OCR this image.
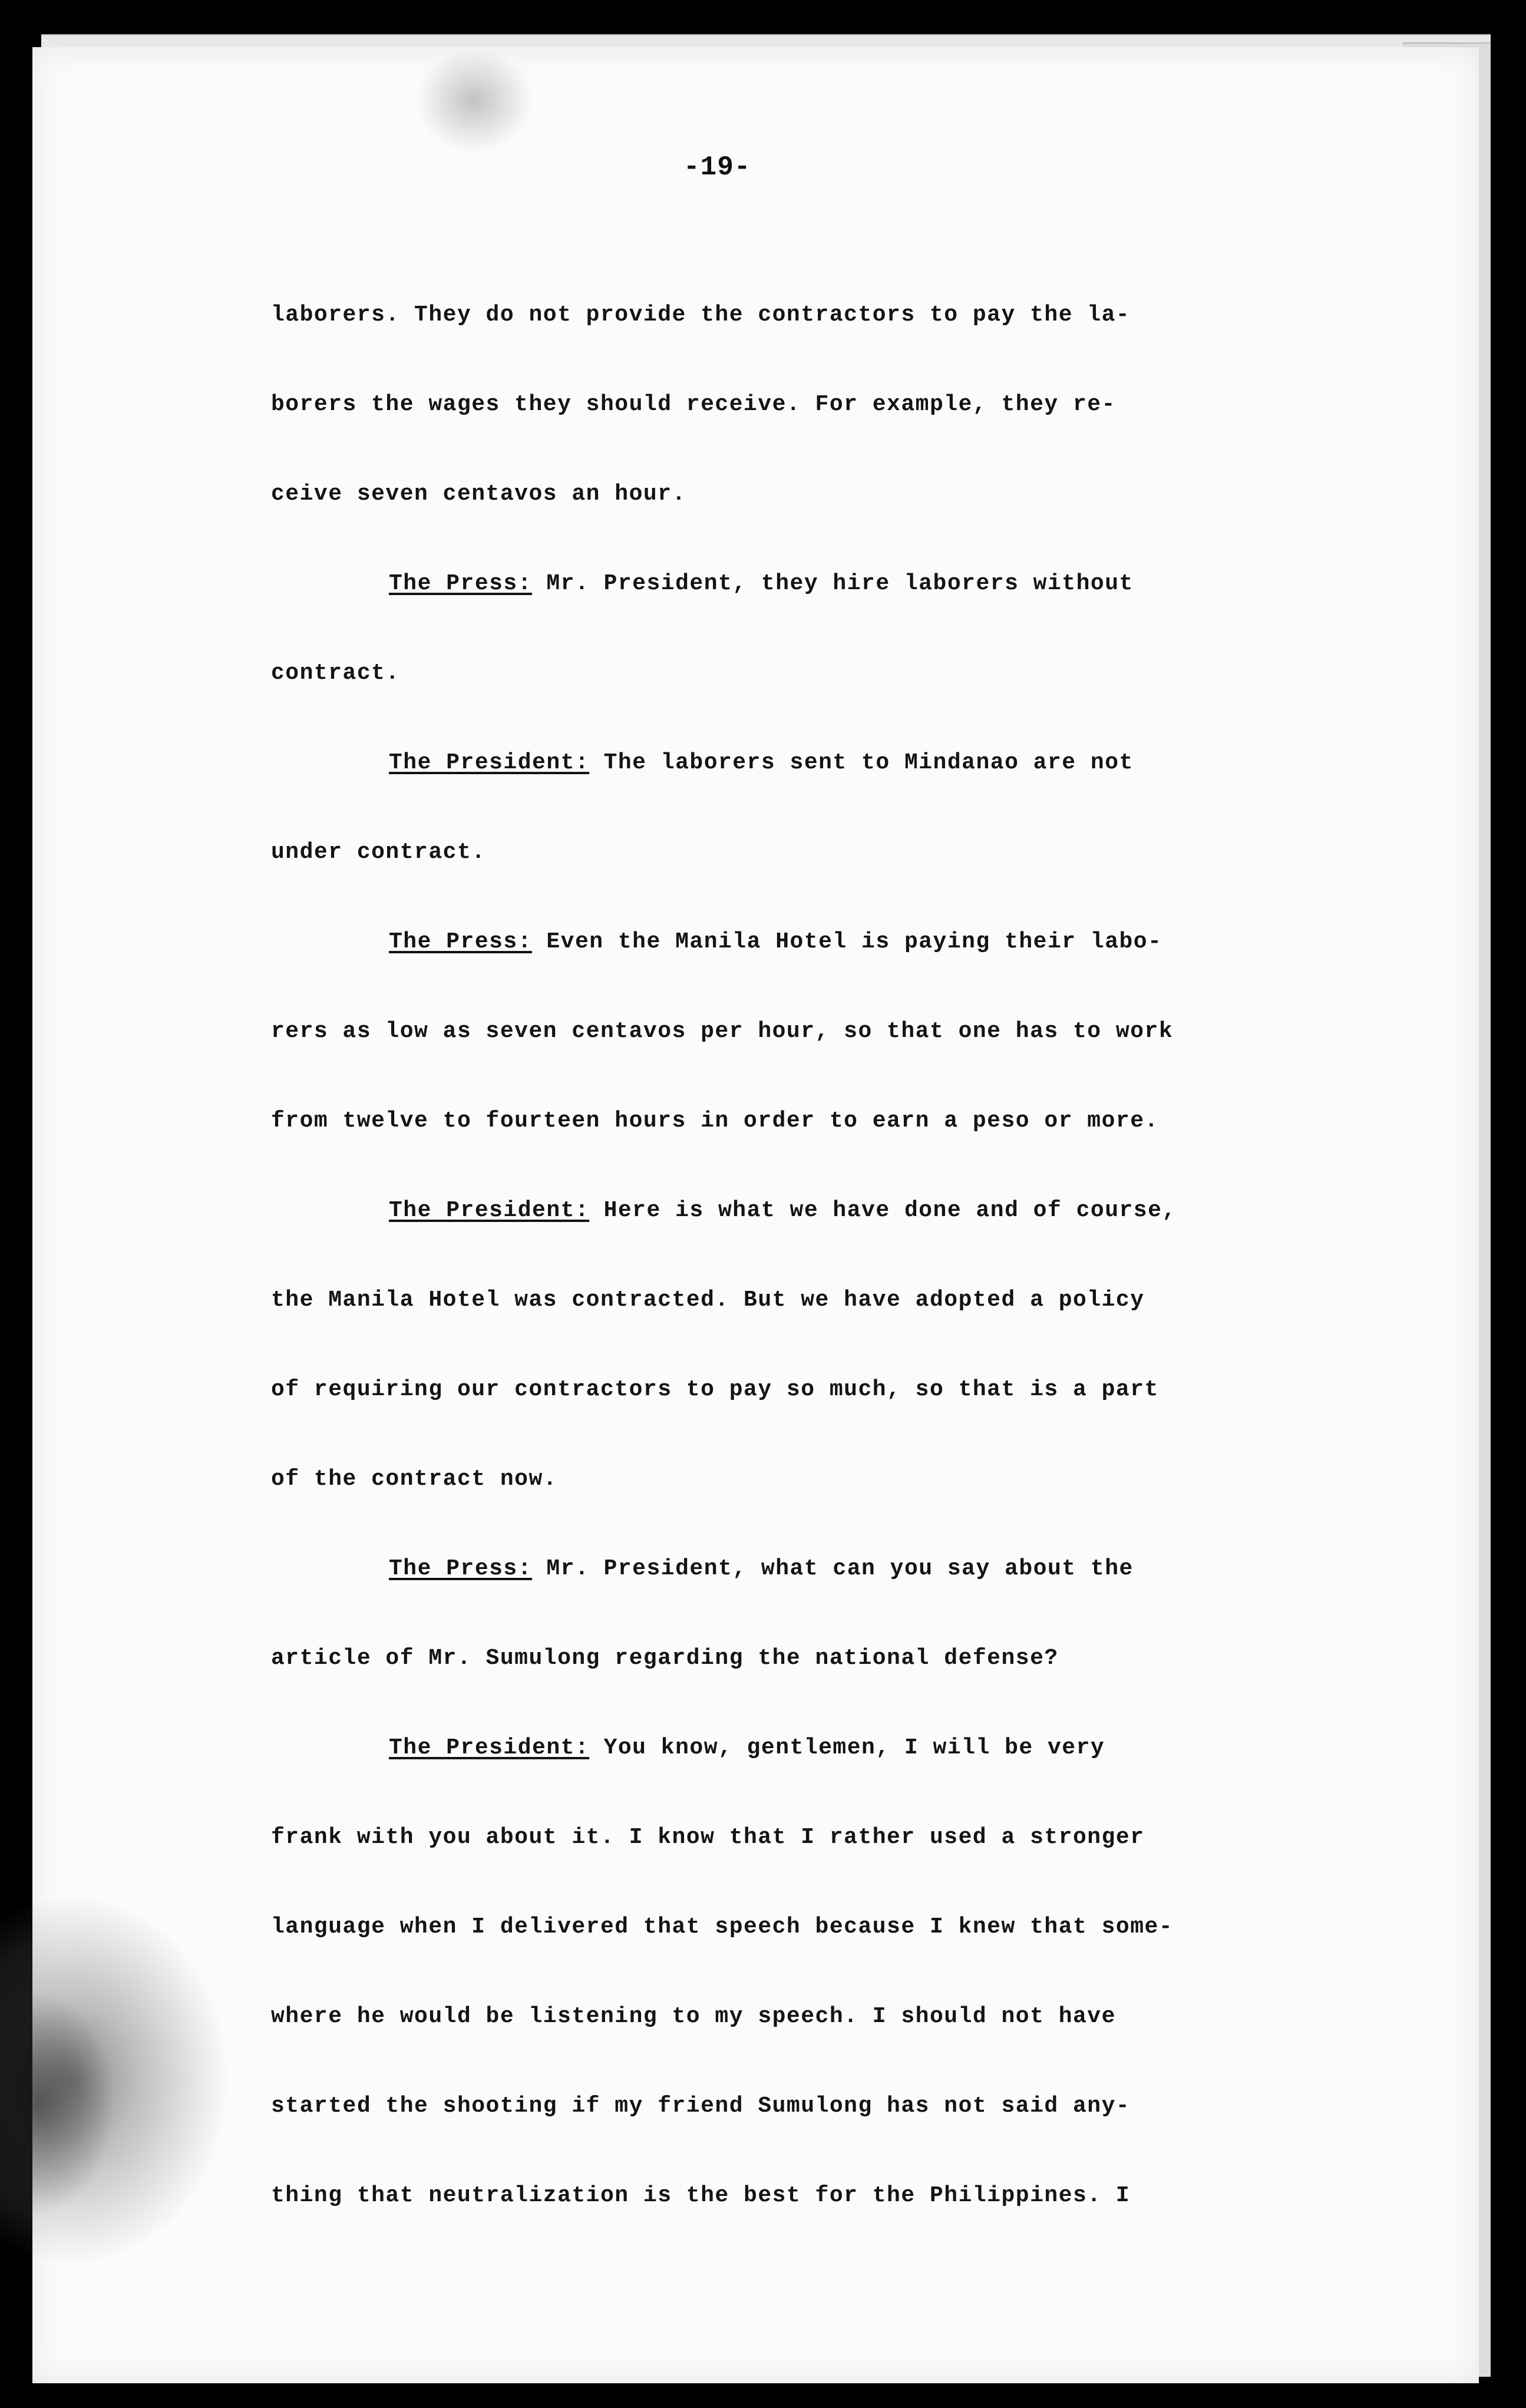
-19-
laborers. They do not provide the contractors to pay the la-
borers the wages they should receive. For example, they re-
ceive seven centavos an hour.
The Press: Mr. President, they hire laborers without
contract.
The President: The laborers sent to Mindanao are not
under contract.
The Press: Even the Manila Hotel is paying their labo-
rers as low as seven centavos per hour, so that one has to work
from twelve to fourteen hours in order to earn a peso or more.
The President: Here is what we have done and of course,
the Manila Hotel was contracted. But we have adopted a policy
of requiring our contractors to pay so much, so that is a part
of the contract now.
The Press: Mr. President, what can you say about the
article of Mr. Sumulong regarding the national defense?
The President: You know, gentlemen, I will be very
frank with you about it. I know that I rather used a stronger
language when I delivered that speech because I knew that some-
where he would be listening to my speech. I should not have
started the shooting if my friend Sumulong has not said any-
thing that neutralization is the best for the Philippines. I
